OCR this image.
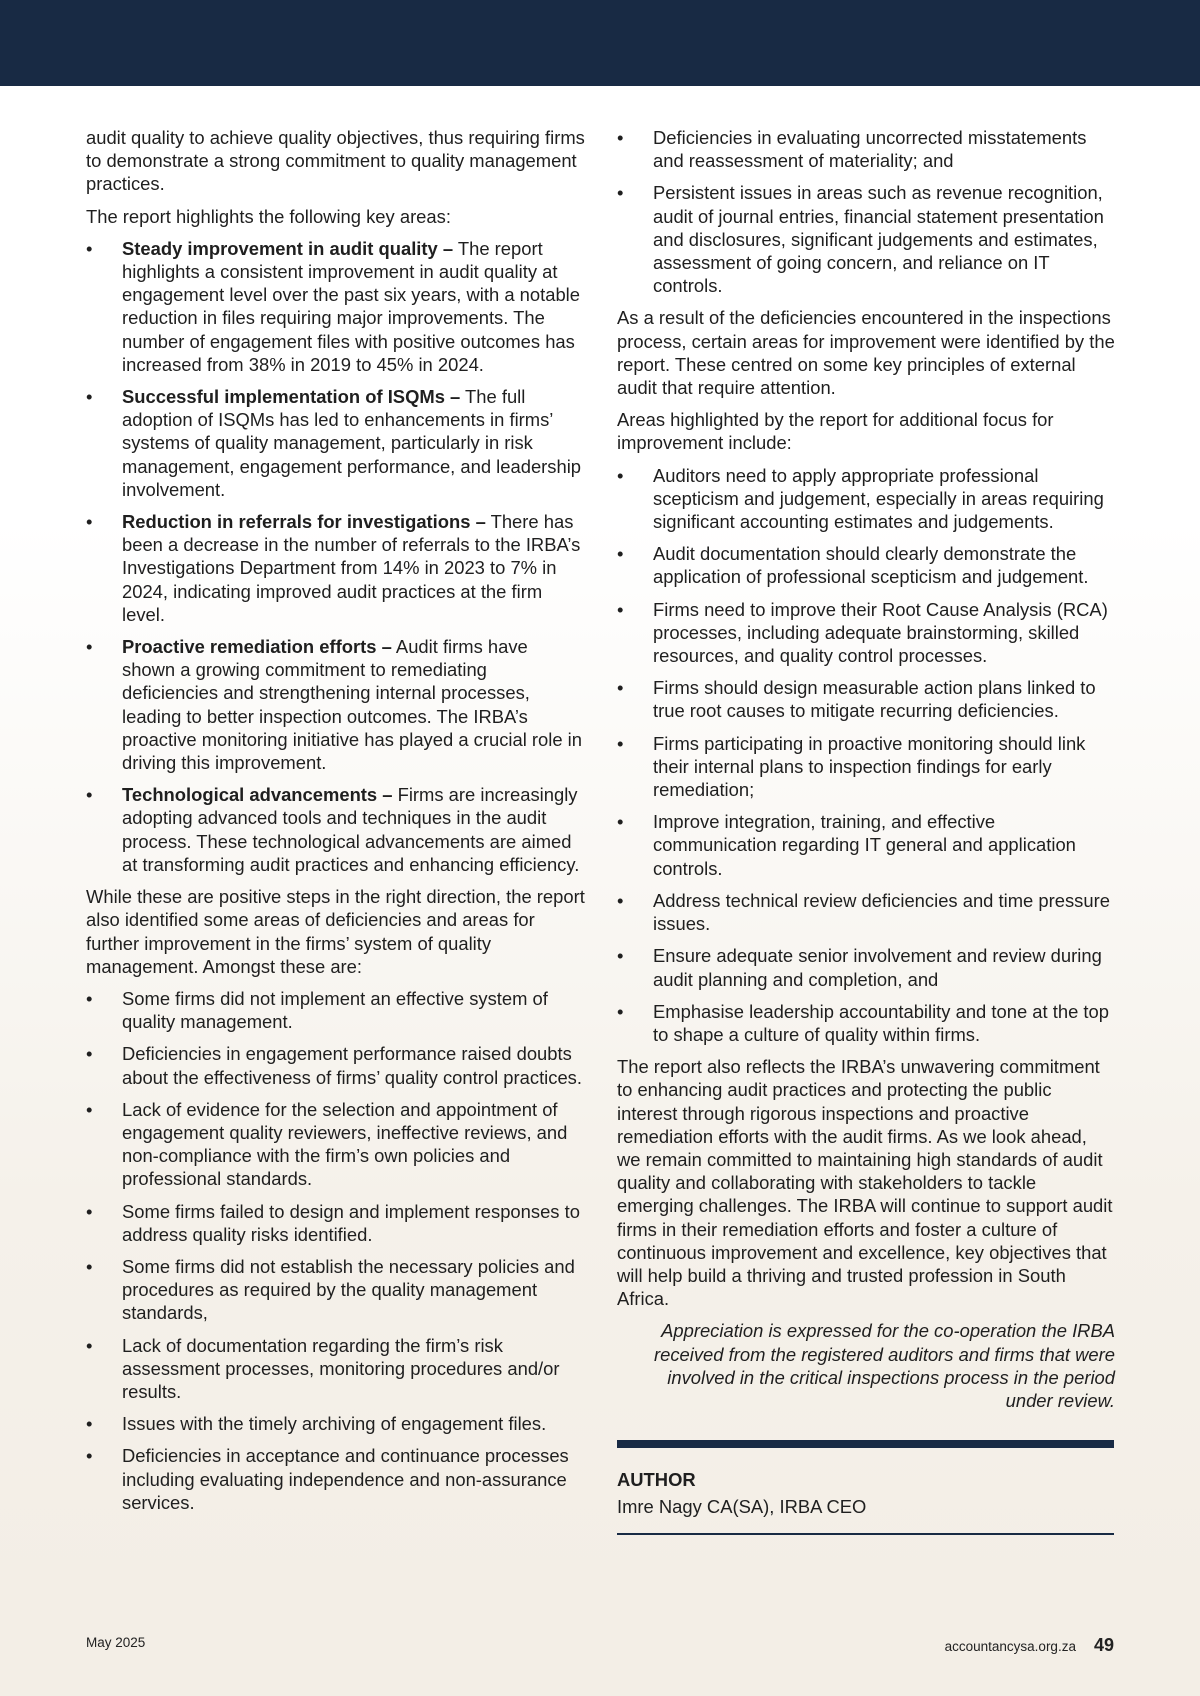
audit quality to achieve quality objectives, thus requiring firms to demonstrate a strong commitment to quality management practices.

The report highlights the following key areas:

•	Steady improvement in audit quality – The report highlights a consistent improvement in audit quality at engagement level over the past six years, with a notable reduction in files requiring major improvements. The number of engagement files with positive outcomes has increased from 38% in 2019 to 45% in 2024.
•	Successful implementation of ISQMs – The full adoption of ISQMs has led to enhancements in firms’ systems of quality management, particularly in risk management, engagement performance, and leadership involvement.
•	Reduction in referrals for investigations – There has been a decrease in the number of referrals to the IRBA’s Investigations Department from 14% in 2023 to 7% in 2024, indicating improved audit practices at the firm level.
•	Proactive remediation efforts – Audit firms have shown a growing commitment to remediating deficiencies and strengthening internal processes, leading to better inspection outcomes. The IRBA’s proactive monitoring initiative has played a crucial role in driving this improvement.
•	Technological advancements – Firms are increasingly adopting advanced tools and techniques in the audit process. These technological advancements are aimed at transforming audit practices and enhancing efficiency.

While these are positive steps in the right direction, the report also identified some areas of deficiencies and areas for further improvement in the firms’ system of quality management. Amongst these are:

•	Some firms did not implement an effective system of quality management.
•	Deficiencies in engagement performance raised doubts about the effectiveness of firms’ quality control practices.
•	Lack of evidence for the selection and appointment of engagement quality reviewers, ineffective reviews, and non-compliance with the firm’s own policies and professional standards.
•	Some firms failed to design and implement responses to address quality risks identified.
•	Some firms did not establish the necessary policies and procedures as required by the quality management standards,
•	Lack of documentation regarding the firm’s risk assessment processes, monitoring procedures and/or results.
•	Issues with the timely archiving of engagement files.
•	Deficiencies in acceptance and continuance processes including evaluating independence and non-assurance services.
•	Deficiencies in evaluating uncorrected misstatements and reassessment of materiality; and
•	Persistent issues in areas such as revenue recognition, audit of journal entries, financial statement presentation and disclosures, significant judgements and estimates, assessment of going concern, and reliance on IT controls.

As a result of the deficiencies encountered in the inspections process, certain areas for improvement were identified by the report. These centred on some key principles of external audit that require attention.

Areas highlighted by the report for additional focus for improvement include:

•	Auditors need to apply appropriate professional scepticism and judgement, especially in areas requiring significant accounting estimates and judgements.
•	Audit documentation should clearly demonstrate the application of professional scepticism and judgement.
•	Firms need to improve their Root Cause Analysis (RCA) processes, including adequate brainstorming, skilled resources, and quality control processes.
•	Firms should design measurable action plans linked to true root causes to mitigate recurring deficiencies.
•	Firms participating in proactive monitoring should link their internal plans to inspection findings for early remediation;
•	Improve integration, training, and effective communication regarding IT general and application controls.
•	Address technical review deficiencies and time pressure issues.
•	Ensure adequate senior involvement and review during audit planning and completion, and
•	Emphasise leadership accountability and tone at the top to shape a culture of quality within firms.

The report also reflects the IRBA’s unwavering commitment to enhancing audit practices and protecting the public interest through rigorous inspections and proactive remediation efforts with the audit firms. As we look ahead, we remain committed to maintaining high standards of audit quality and collaborating with stakeholders to tackle emerging challenges. The IRBA will continue to support audit firms in their remediation efforts and foster a culture of continuous improvement and excellence, key objectives that will help build a thriving and trusted profession in South Africa.

Appreciation is expressed for the co-operation the IRBA received from the registered auditors and firms that were involved in the critical inspections process in the period under review.

AUTHOR
Imre Nagy CA(SA), IRBA CEO
May 2025	accountancysa.org.za 49
